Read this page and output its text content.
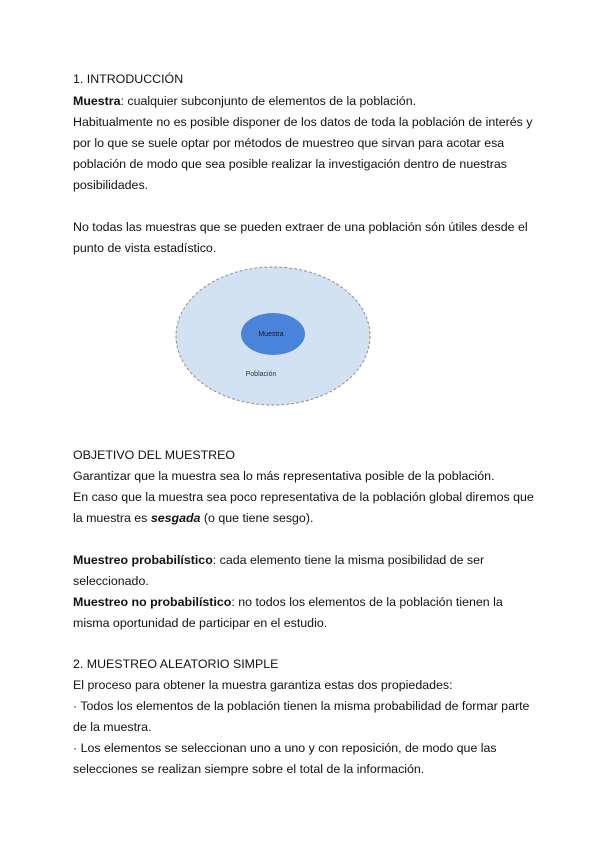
1. INTRODUCCIÓN
Muestra: cualquier subconjunto de elementos de la población.
Habitualmente no es posible disponer de los datos de toda la población de interés y
por lo que se suele optar por métodos de muestreo que sirvan para acotar esa
población de modo que sea posible realizar la investigación dentro de nuestras
posibilidades.
No todas las muestras que se pueden extraer de una población són útiles desde el
punto de vista estadístico.
Muestra
Población
OBJETIVO DEL MUESTREO
Garantizar que la muestra sea lo más representativa posible de la población.
En caso que la muestra sea poco representativa de la población global diremos que
la muestra es sesgada (o que tiene sesgo).
Muestreo probabilístico: cada elemento tiene la misma posibilidad de ser
seleccionado.
Muestreo no probabilístico: no todos los elementos de la población tienen la
misma oportunidad de participar en el estudio.
2. MUESTREO ALEATORIO SIMPLE
El proceso para obtener la muestra garantiza estas dos propiedades:
· Todos los elementos de la población tienen la misma probabilidad de formar parte
de la muestra.
· Los elementos se seleccionan uno a uno y con reposición, de modo que las
selecciones se realizan siempre sobre el total de la información.
